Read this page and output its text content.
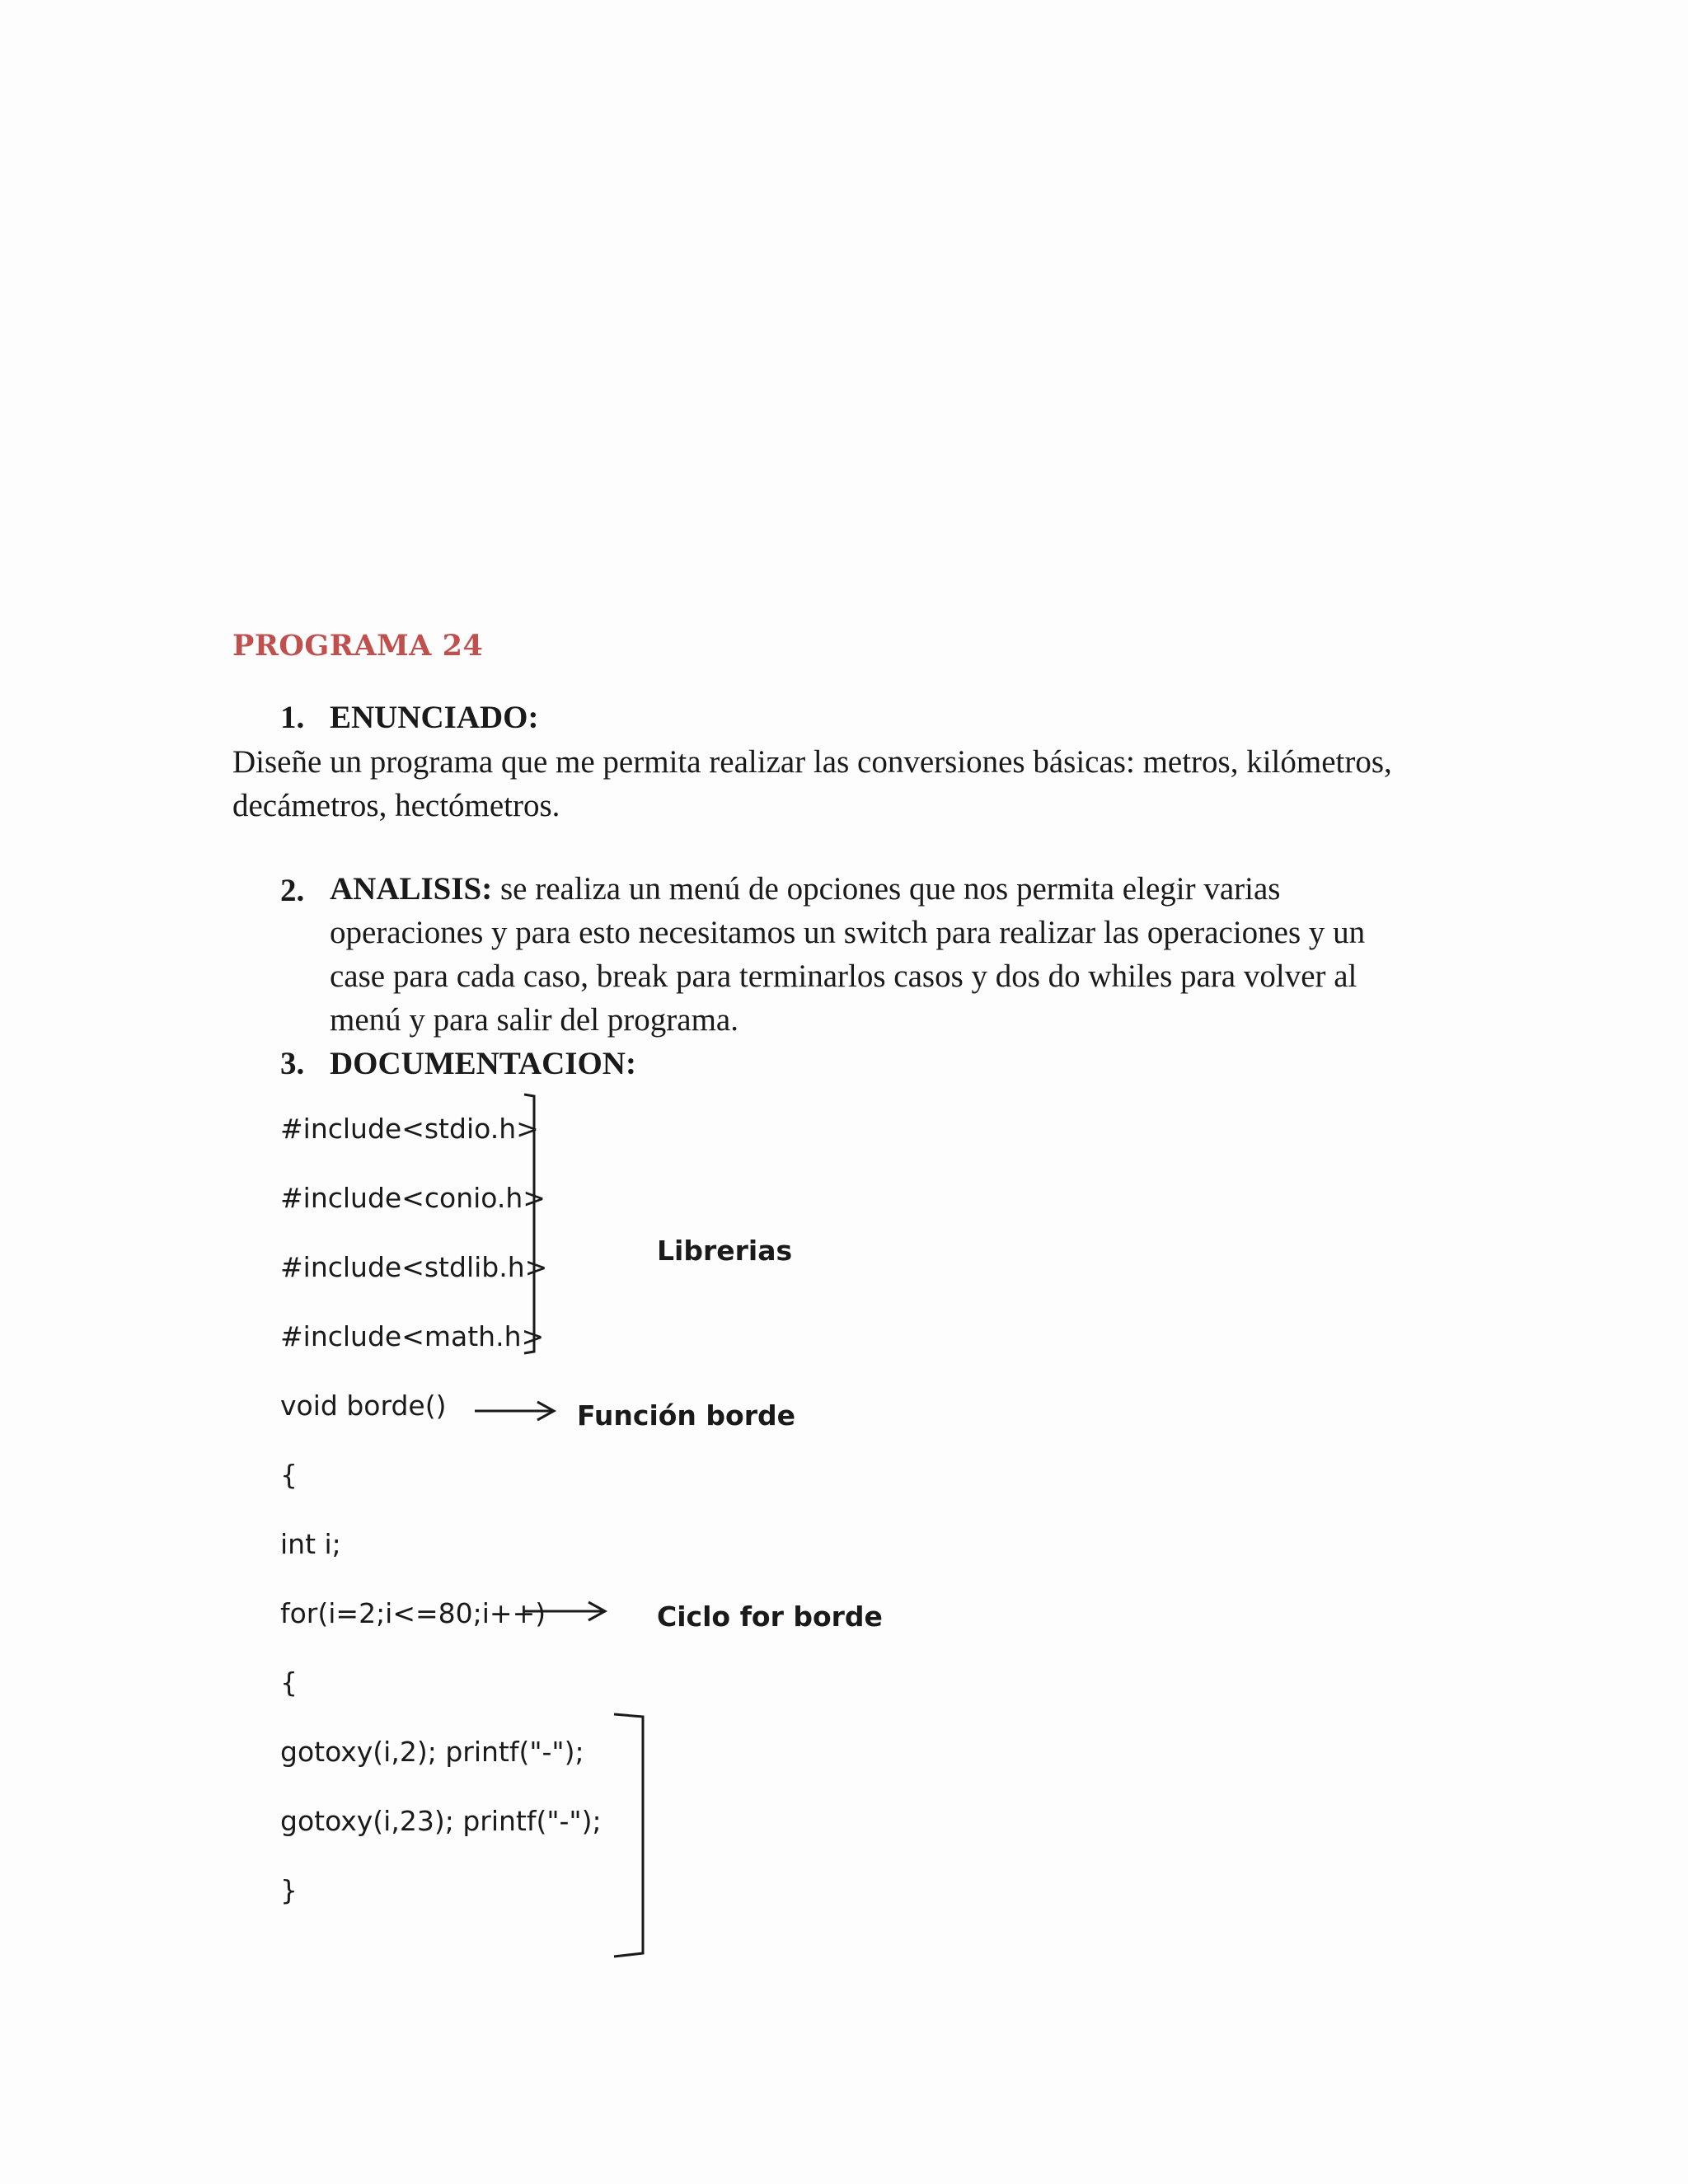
PROGRAMA 24
1. ENUNCIADO:
Diseñe un programa que me permita realizar las conversiones básicas: metros, kilómetros,
decámetros, hectómetros.
2. ANALISIS: se realiza un menú de opciones que nos permita elegir varias
operaciones y para esto necesitamos un switch para realizar las operaciones y un
case para cada caso, break para terminarlos casos y dos do whiles para volver al
menú y para salir del programa.
3. DOCUMENTACION:
#include<stdio.h>
#include<conio.h>
#include<stdlib.h>
#include<math.h>
void borde()
{
int i;
for(i=2;i<=80;i++)
{
gotoxy(i,2); printf("-");
gotoxy(i,23); printf("-");
}
Librerias
Función borde
Ciclo for borde
